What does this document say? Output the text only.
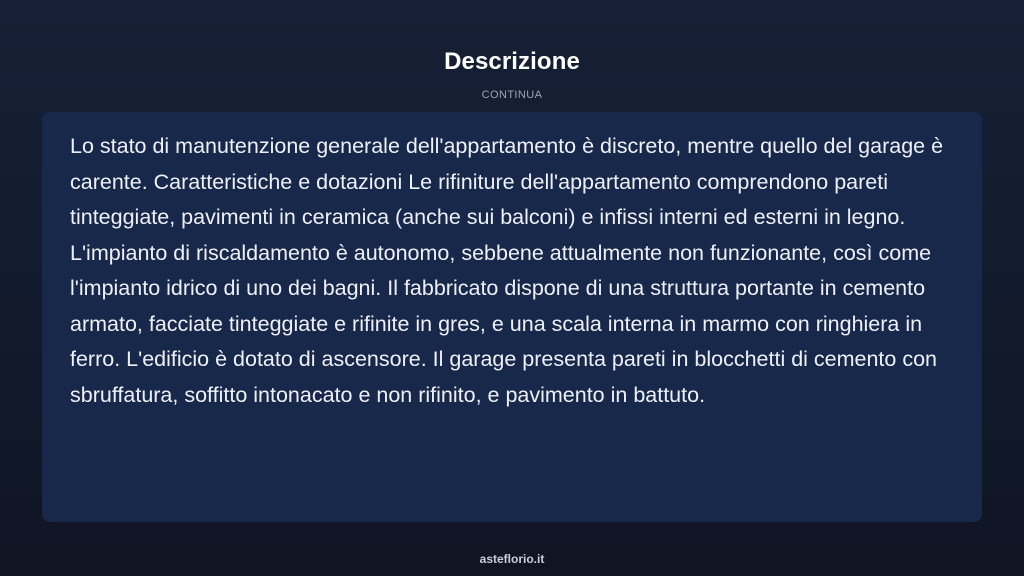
Descrizione
CONTINUA

Lo stato di manutenzione generale dell'appartamento è discreto, mentre quello del garage è carente. Caratteristiche e dotazioni Le rifiniture dell'appartamento comprendono pareti tinteggiate, pavimenti in ceramica (anche sui balconi) e infissi interni ed esterni in legno. L'impianto di riscaldamento è autonomo, sebbene attualmente non funzionante, così come l'impianto idrico di uno dei bagni. Il fabbricato dispone di una struttura portante in cemento armato, facciate tinteggiate e rifinite in gres, e una scala interna in marmo con ringhiera in ferro. L'edificio è dotato di ascensore. Il garage presenta pareti in blocchetti di cemento con sbruffatura, soffitto intonacato e non rifinito, e pavimento in battuto.

asteflorio.it
